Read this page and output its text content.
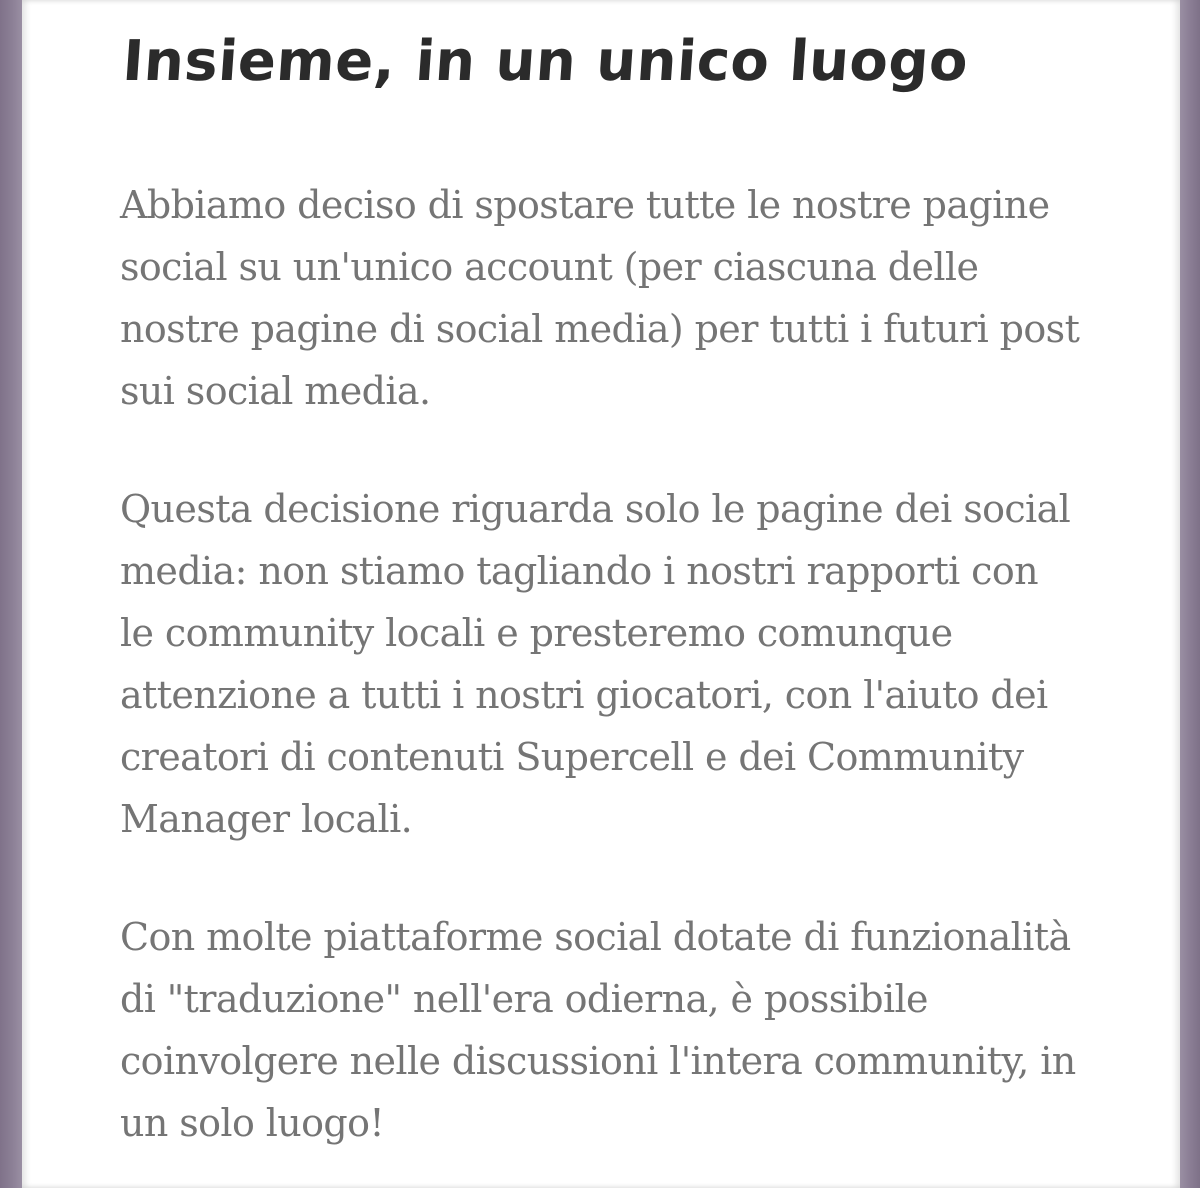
Insieme, in un unico luogo

Abbiamo deciso di spostare tutte le nostre pagine social su un'unico account (per ciascuna delle nostre pagine di social media) per tutti i futuri post sui social media.

Questa decisione riguarda solo le pagine dei social media: non stiamo tagliando i nostri rapporti con le community locali e presteremo comunque attenzione a tutti i nostri giocatori, con l'aiuto dei creatori di contenuti Supercell e dei Community Manager locali.

Con molte piattaforme social dotate di funzionalità di "traduzione" nell'era odierna, è possibile coinvolgere nelle discussioni l'intera community, in un solo luogo!
